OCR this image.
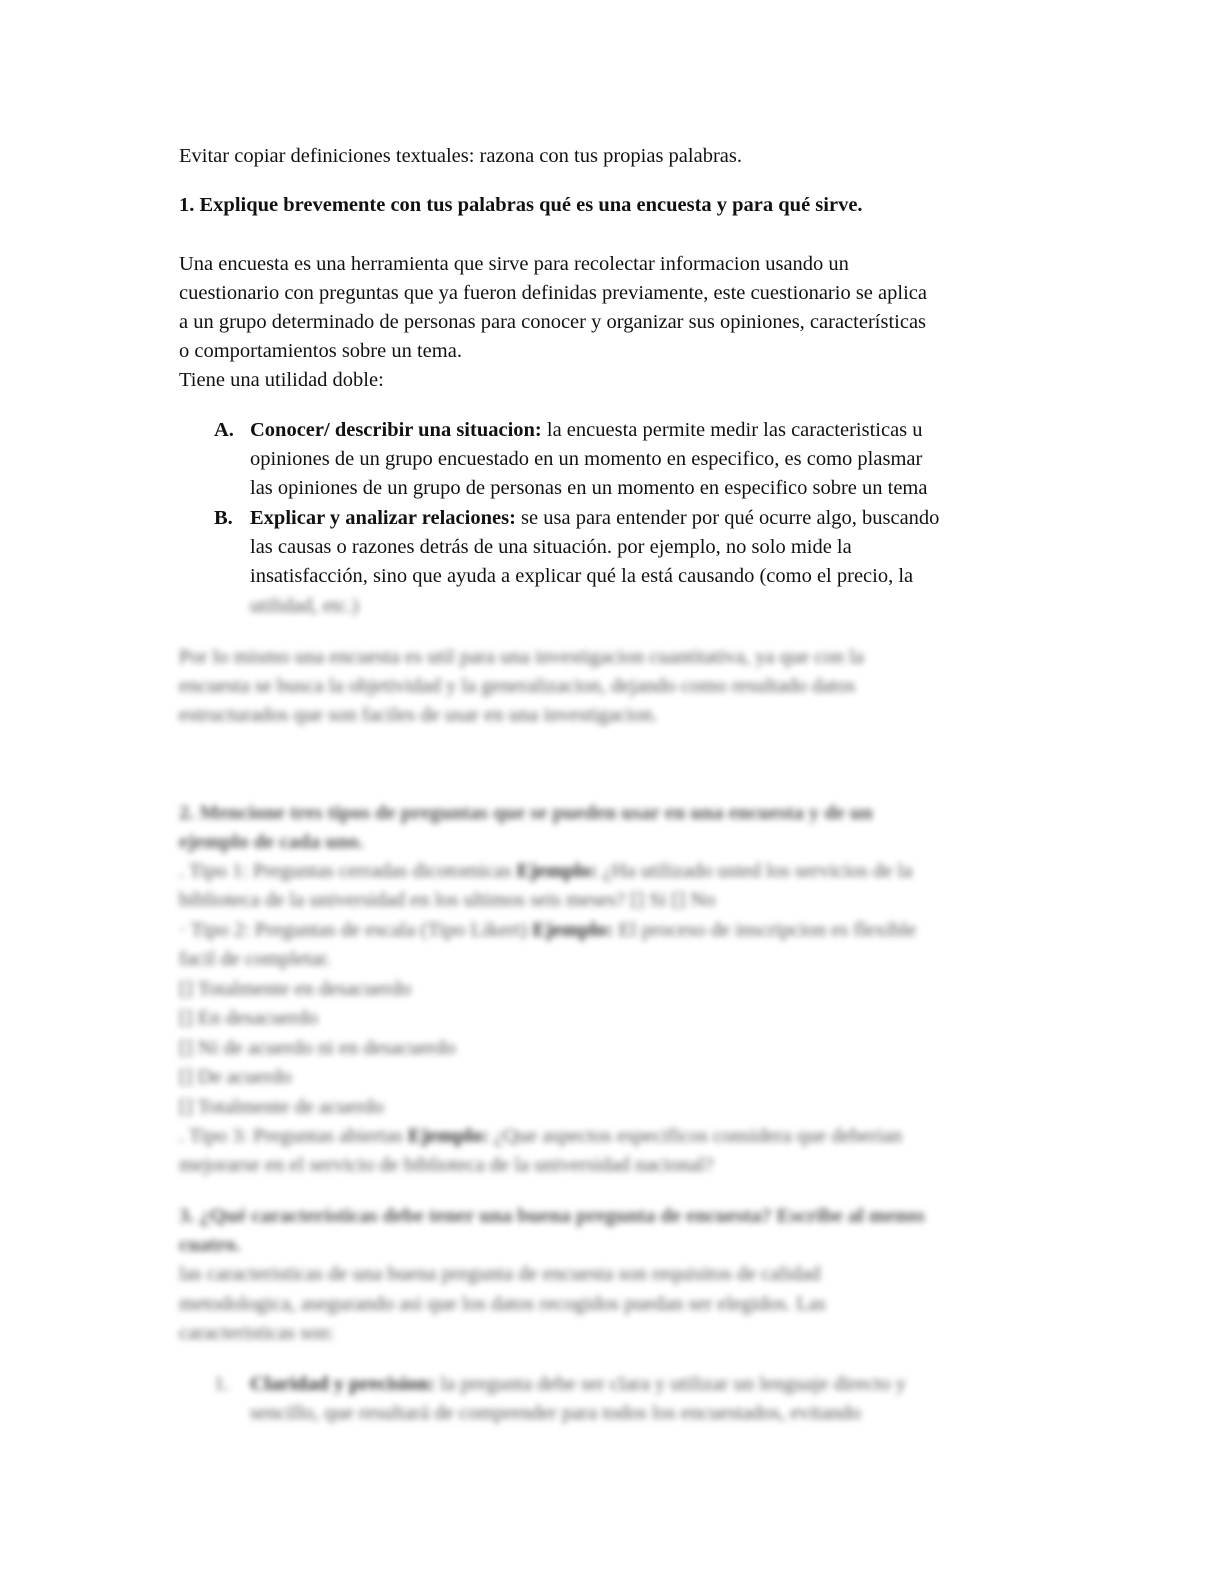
Evitar copiar definiciones textuales: razona con tus propias palabras.
1. Explique brevemente con tus palabras qué es una encuesta y para qué sirve.
Una encuesta es una herramienta que sirve para recolectar informacion usando un
cuestionario con preguntas que ya fueron definidas previamente, este cuestionario se aplica
a un grupo determinado de personas para conocer y organizar sus opiniones, características
o comportamientos sobre un tema.
Tiene una utilidad doble:
A. Conocer/ describir una situacion: la encuesta permite medir las caracteristicas u
opiniones de un grupo encuestado en un momento en especifico, es como plasmar
las opiniones de un grupo de personas en un momento en especifico sobre un tema
B. Explicar y analizar relaciones: se usa para entender por qué ocurre algo, buscando
las causas o razones detrás de una situación. por ejemplo, no solo mide la
insatisfacción, sino que ayuda a explicar qué la está causando (como el precio, la
utilidad, etc.)
Por lo mismo una encuesta es util para una investigacion cuantitativa, ya que con la
encuesta se busca la objetividad y la generalizacion, dejando como resultado datos
estructurados que son faciles de usar en una investigacion.
2. Mencione tres tipos de preguntas que se pueden usar en una encuesta y de un
ejemplo de cada uno.
. Tipo 1: Preguntas cerradas dicotomicas Ejemplo: ¿Ha utilizado usted los servicios de la
biblioteca de la universidad en los ultimos seis meses? [] Si [] No
· Tipo 2: Preguntas de escala (Tipo Likert) Ejemplo: El proceso de inscripcion es flexible
facil de completar.
[] Totalmente en desacuerdo
[] En desacuerdo
[] Ni de acuerdo ni en desacuerdo
[] De acuerdo
[] Totalmente de acuerdo
. Tipo 3: Preguntas abiertas Ejemplo: ¿Que aspectos especificos considera que deberian
mejorarse en el servicio de biblioteca de la universidad nacional?
3. ¿Qué características debe tener una buena pregunta de encuesta? Escribe al menos
cuatro.
las caracteristicas de una buena pregunta de encuesta son requisitos de calidad
metodologica, asegurando asi que los datos recogidos puedan ser elegidos. Las
caracteristicas son:
1. Claridad y precision: la pregunta debe ser clara y utilizar un lenguaje directo y
sencillo, que resultará de comprender para todos los encuestados, evitando
